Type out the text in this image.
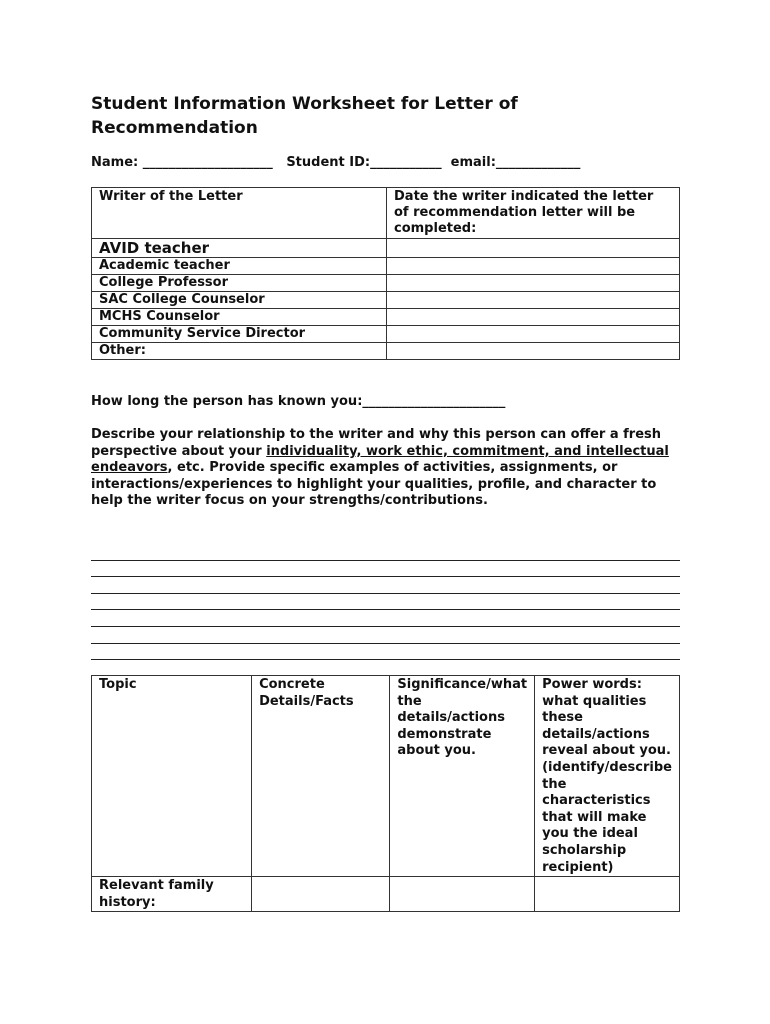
Student Information Worksheet for Letter of Recommendation
Name: ____________________   Student ID:___________  email:_____________
Writer of the Letter	Date the writer indicated the letter of recommendation letter will be completed:
AVID teacher	
Academic teacher	
College Professor	
SAC College Counselor	
MCHS Counselor	
Community Service Director	
Other:	
How long the person has known you:______________________

Describe your relationship to the writer and why this person can offer a fresh perspective about your individuality, work ethic, commitment, and intellectual endeavors, etc. Provide specific examples of activities, assignments, or interactions/experiences to highlight your qualities, profile, and character to help the writer focus on your strengths/contributions.

Topic	Concrete Details/Facts	Significance/what the details/actions demonstrate about you.	Power words: what qualities these details/actions reveal about you. (identify/describe the characteristics that will make you the ideal scholarship recipient)
Relevant family history:			
